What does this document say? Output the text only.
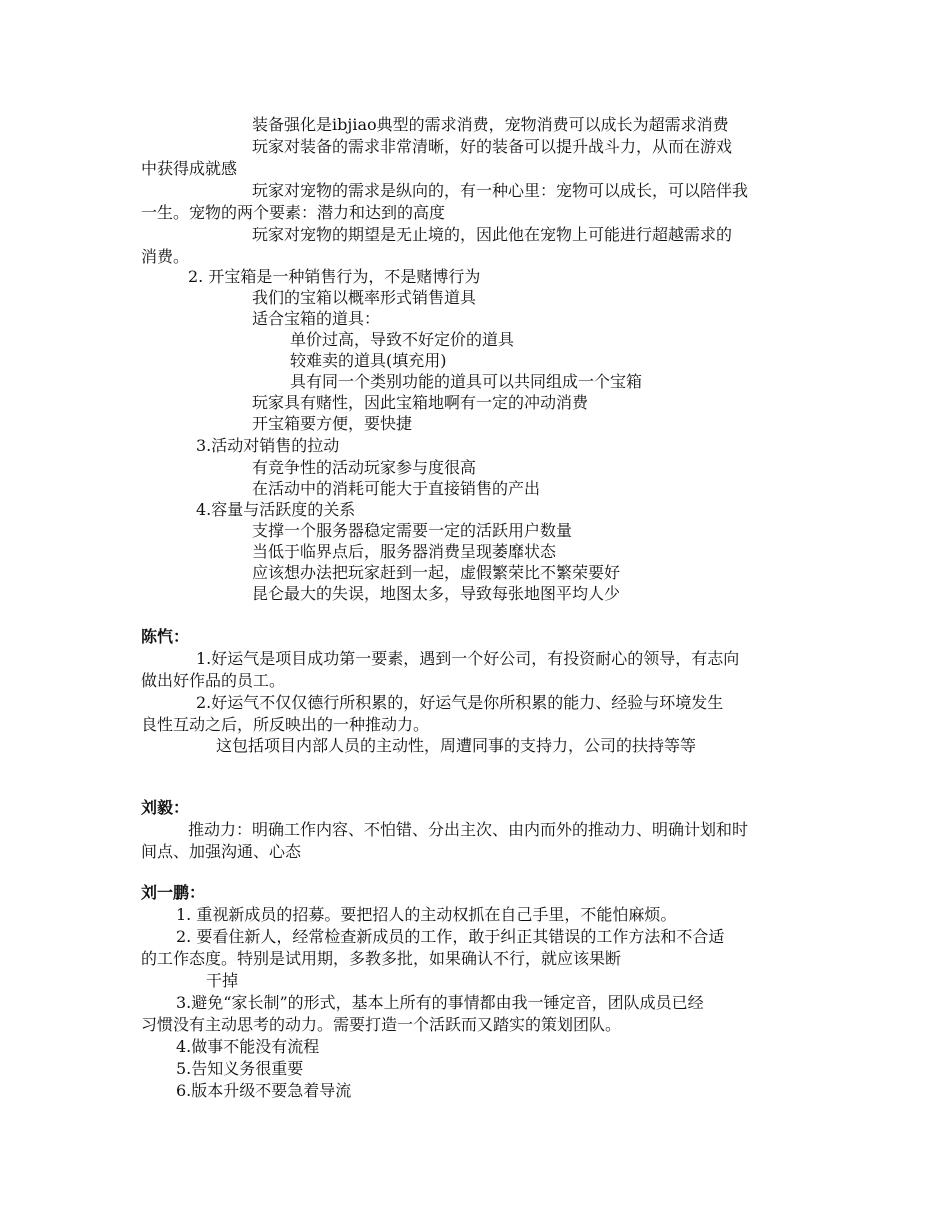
装备强化是ibjiao典型的需求消费，宠物消费可以成长为超需求消费
玩家对装备的需求非常清晰，好的装备可以提升战斗力，从而在游戏
中获得成就感
玩家对宠物的需求是纵向的，有一种心里：宠物可以成长，可以陪伴我
一生。宠物的两个要素：潜力和达到的高度
玩家对宠物的期望是无止境的，因此他在宠物上可能进行超越需求的
消费。
2. 开宝箱是一种销售行为，不是赌博行为
我们的宝箱以概率形式销售道具
适合宝箱的道具：
单价过高，导致不好定价的道具
较难卖的道具(填充用)
具有同一个类别功能的道具可以共同组成一个宝箱
玩家具有赌性，因此宝箱地啊有一定的冲动消费
开宝箱要方便，要快捷
3.活动对销售的拉动
有竞争性的活动玩家参与度很高
在活动中的消耗可能大于直接销售的产出
4.容量与活跃度的关系
支撑一个服务器稳定需要一定的活跃用户数量
当低于临界点后，服务器消费呈现萎靡状态
应该想办法把玩家赶到一起，虚假繁荣比不繁荣要好
昆仑最大的失误，地图太多，导致每张地图平均人少
陈忾：
1.好运气是项目成功第一要素，遇到一个好公司，有投资耐心的领导，有志向
做出好作品的员工。
2.好运气不仅仅德行所积累的，好运气是你所积累的能力、经验与环境发生
良性互动之后，所反映出的一种推动力。
这包括项目内部人员的主动性，周遭同事的支持力，公司的扶持等等
刘毅：
推动力：明确工作内容、不怕错、分出主次、由内而外的推动力、明确计划和时
间点、加强沟通、心态
刘一鹏：
1. 重视新成员的招募。要把招人的主动权抓在自己手里，不能怕麻烦。
2. 要看住新人，经常检查新成员的工作，敢于纠正其错误的工作方法和不合适
的工作态度。特别是试用期，多教多批，如果确认不行，就应该果断
干掉
3.避免“家长制”的形式，基本上所有的事情都由我一锤定音，团队成员已经
习惯没有主动思考的动力。需要打造一个活跃而又踏实的策划团队。
4.做事不能没有流程
5.告知义务很重要
6.版本升级不要急着导流
